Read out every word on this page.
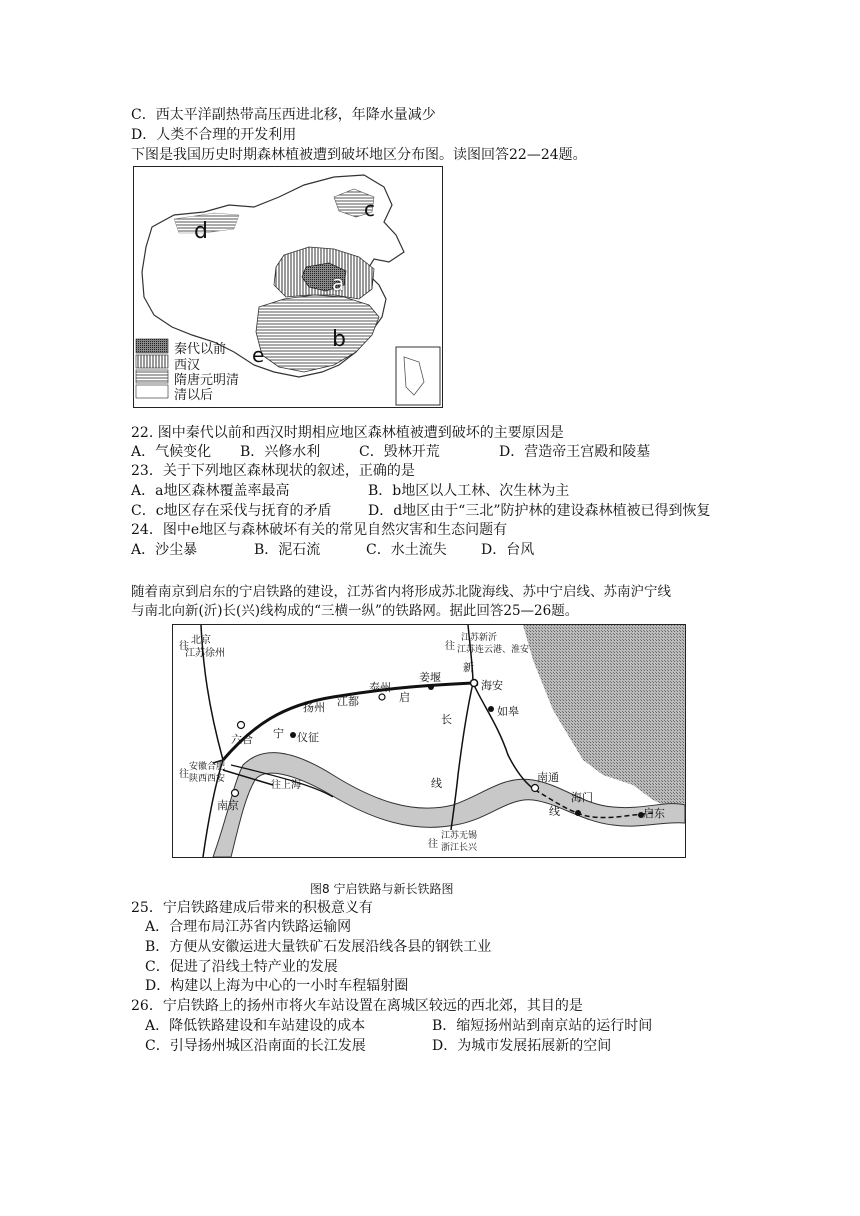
C．西太平洋副热带高压西进北移，年降水量减少
D．人类不合理的开发利用
下图是我国历史时期森林植被遭到破坏地区分布图。读图回答22—24题。
c
d
a
b
e
秦代以前
西汉
隋唐元明清
清以后
22. 图中秦代以前和西汉时期相应地区森林植被遭到破坏的主要原因是
A．气候变化 B．兴修水利	C．毁林开荒	D．营造帝王宫殿和陵墓
23．关于下列地区森林现状的叙述，正确的是
A．a地区森林覆盖率最高	B．b地区以人工林、次生林为主
C．c地区存在采伐与抚育的矛盾	D．d地区由于“三北”防护林的建设森林植被已得到恢复
24．图中e地区与森林破坏有关的常见自然灾害和生态问题有
A．沙尘暴	B．泥石流	C．水土流失 D．台风
随着南京到启东的宁启铁路的建设，江苏省内将形成苏北陇海线、苏中宁启线、苏南沪宁线
与南北向新(沂)长(兴)线构成的“三横一纵”的铁路网。据此回答25—26题。
往
北京
江苏徐州
往
江苏新沂
江苏连云港、淮安
往
安徽合肥
陕西西安
往上海
往
江苏无锡
浙江长兴
六合 宁 仪征
扬州 江都
泰州
启
姜堰
新
海安
如皋
南京
南通
海门
启东
长
线
线
图8 宁启铁路与新长铁路图
25．宁启铁路建成后带来的积极意义有
A．合理布局江苏省内铁路运输网
B．方便从安徽运进大量铁矿石发展沿线各县的钢铁工业
C．促进了沿线土特产业的发展
D．构建以上海为中心的一小时车程辐射圈
26．宁启铁路上的扬州市将火车站设置在离城区较远的西北郊，其目的是
A．降低铁路建设和车站建设的成本	B．缩短扬州站到南京站的运行时间
C．引导扬州城区沿南面的长江发展	D．为城市发展拓展新的空间
